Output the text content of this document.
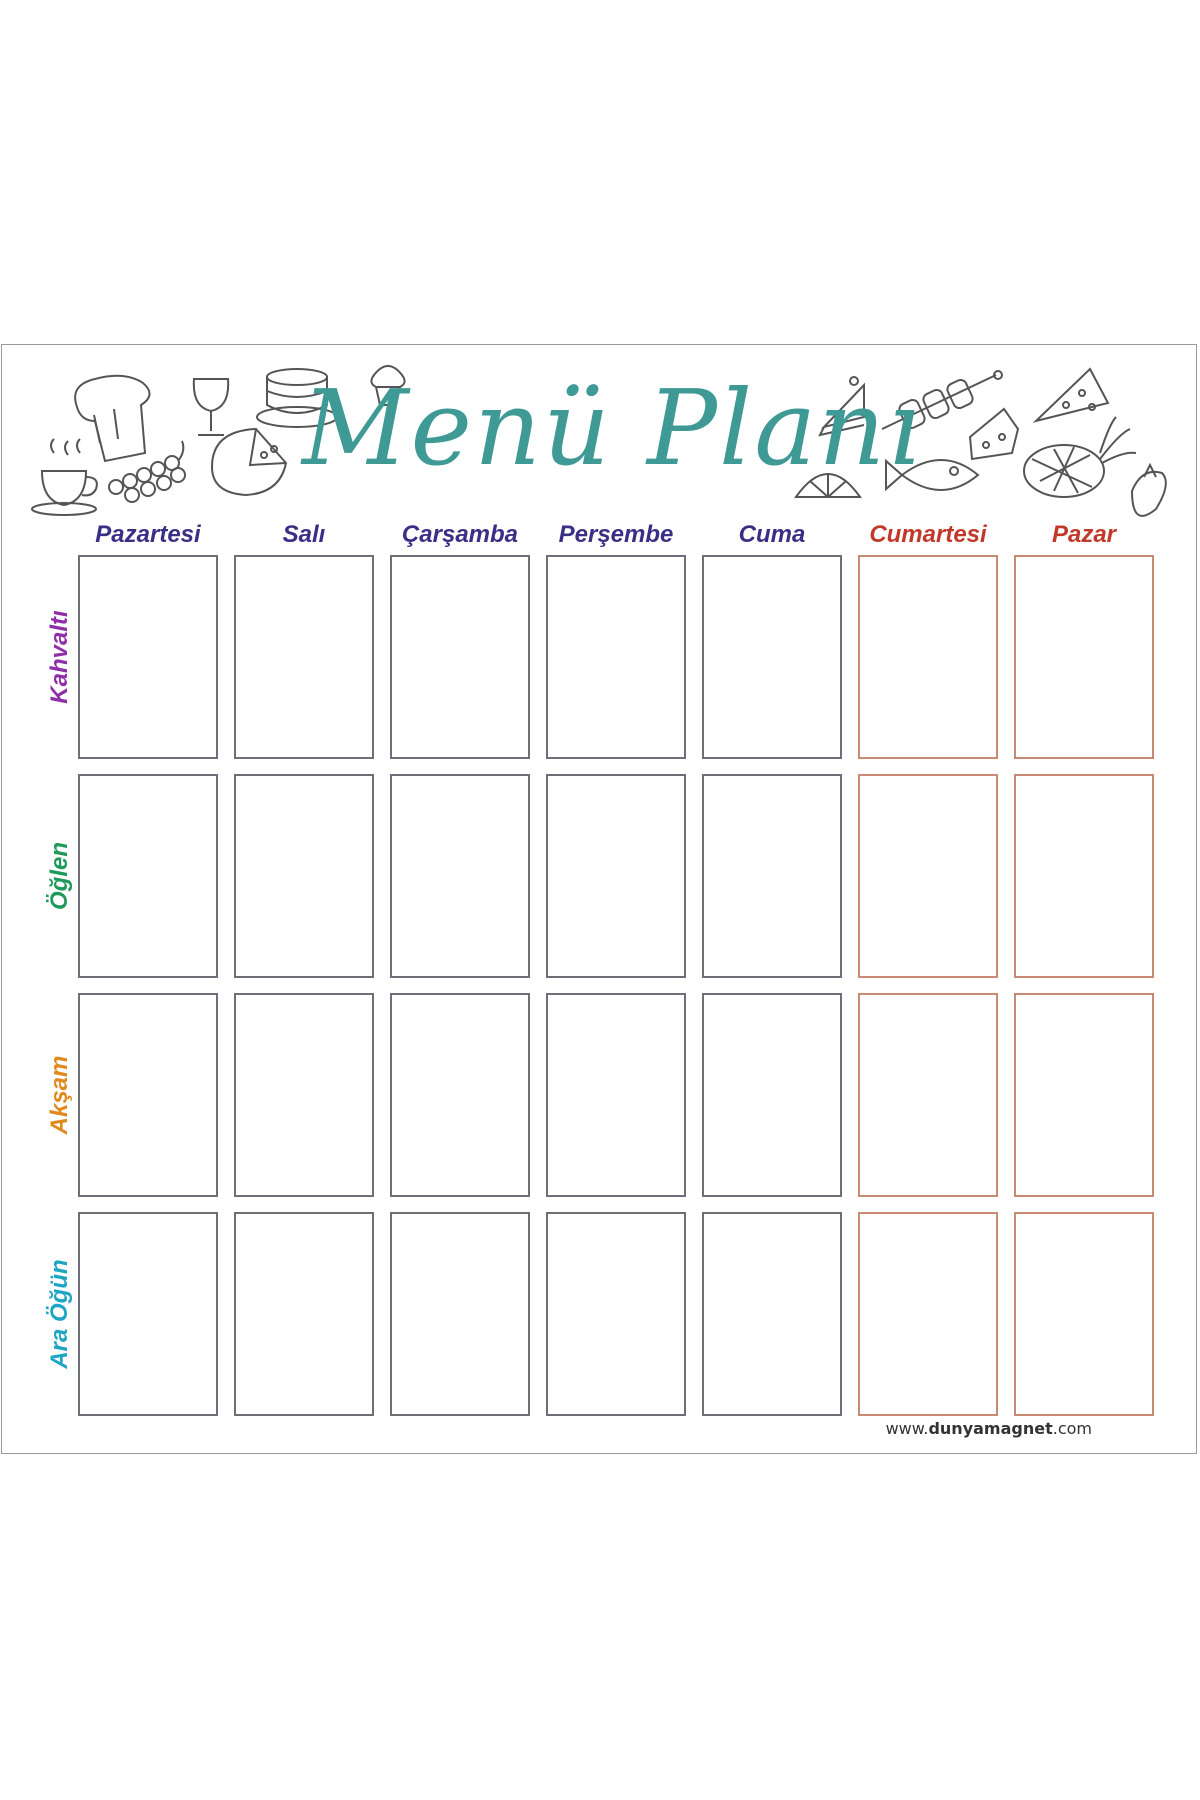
Menü Planı
Pazartesi	Salı	Çarşamba	Perşembe	Cuma	Cumartesi	Pazar
Kahvaltı
Öğlen
Akşam
Ara Öğün
www.dunyamagnet.com
